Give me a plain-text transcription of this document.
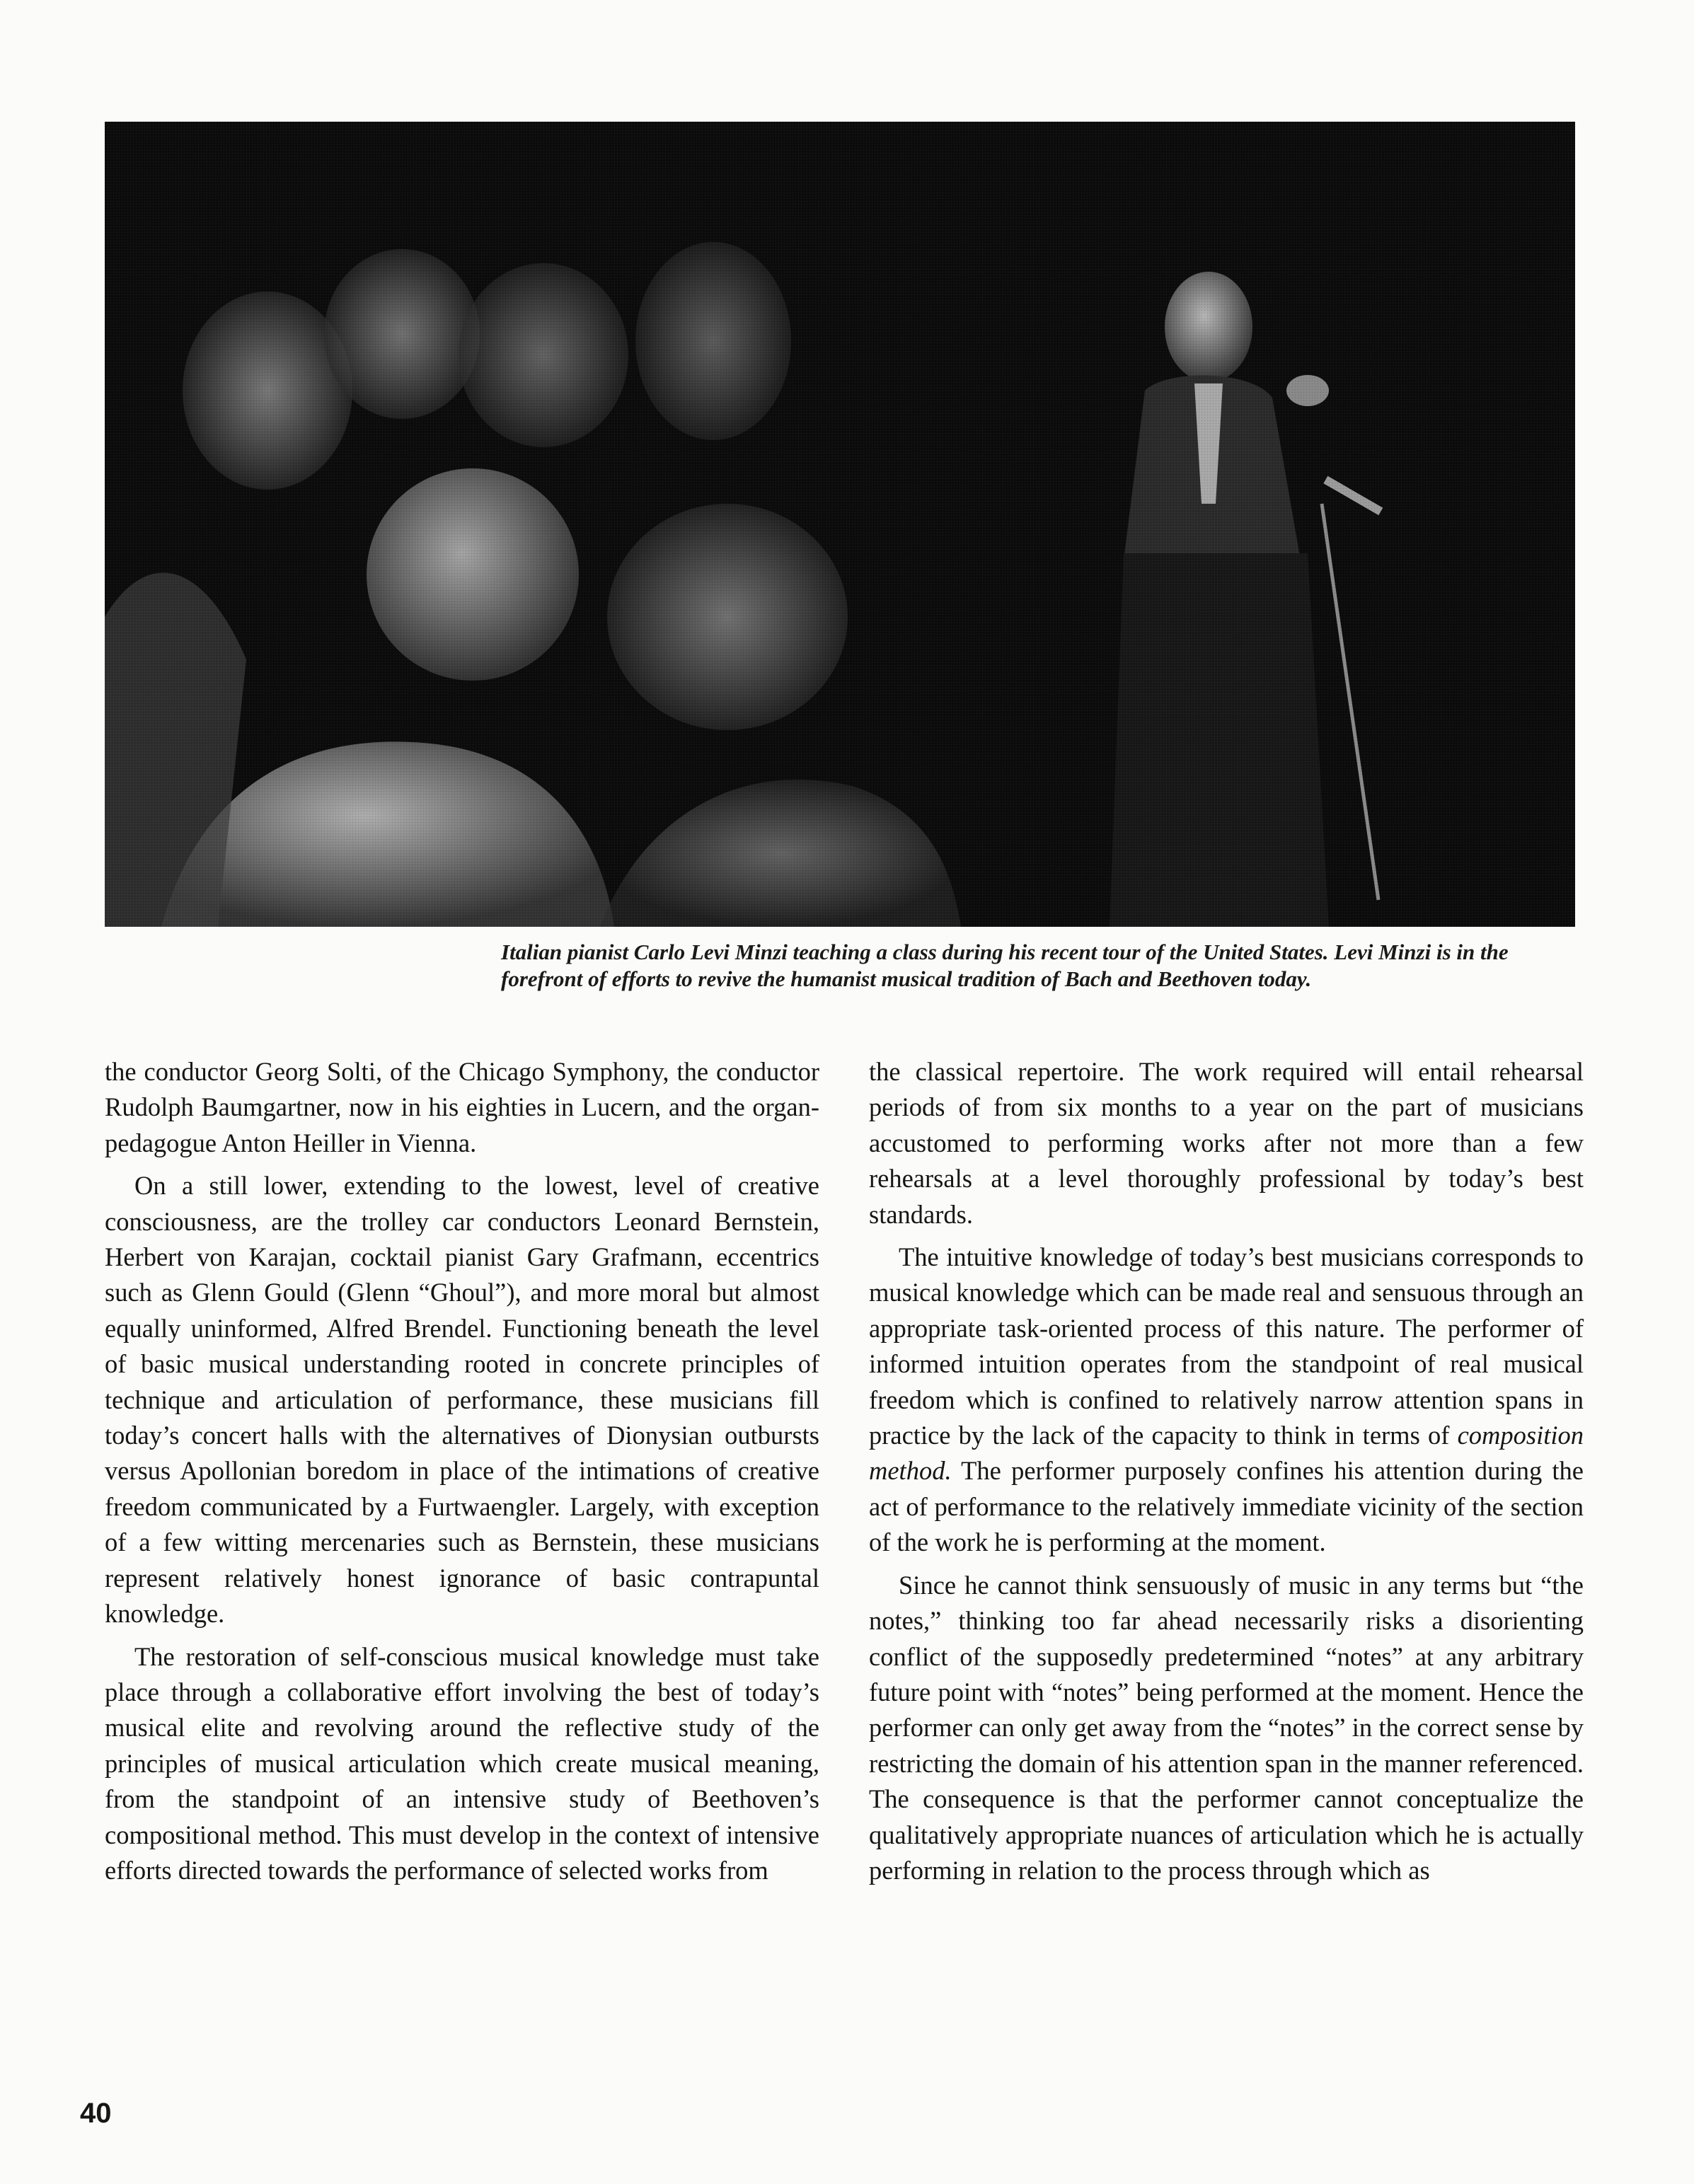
Italian pianist Carlo Levi Minzi teaching a class during his recent tour of the United States. Levi Minzi is in the forefront of efforts to revive the humanist musical tradition of Bach and Beethoven today.

the conductor Georg Solti, of the Chicago Symphony, the conductor Rudolph Baumgartner, now in his eighties in Lucern, and the organ-pedagogue Anton Heiller in Vienna.

On a still lower, extending to the lowest, level of creative consciousness, are the trolley car conductors Leonard Bernstein, Herbert von Karajan, cocktail pianist Gary Grafmann, eccentrics such as Glenn Gould (Glenn “Ghoul”), and more moral but almost equally uninformed, Alfred Brendel. Functioning beneath the level of basic musical understanding rooted in concrete principles of technique and articulation of performance, these musicians fill today’s concert halls with the alternatives of Dionysian outbursts versus Apollonian boredom in place of the intimations of creative freedom communicated by a Furtwaengler. Largely, with exception of a few witting mercenaries such as Bernstein, these musicians represent relatively honest ignorance of basic contrapuntal knowledge.

The restoration of self-conscious musical knowledge must take place through a collaborative effort involving the best of today’s musical elite and revolving around the reflective study of the principles of musical articulation which create musical meaning, from the standpoint of an intensive study of Beethoven’s compositional method. This must develop in the context of intensive efforts directed towards the performance of selected works from

the classical repertoire. The work required will entail rehearsal periods of from six months to a year on the part of musicians accustomed to performing works after not more than a few rehearsals at a level thoroughly professional by today’s best standards.

The intuitive knowledge of today’s best musicians corresponds to musical knowledge which can be made real and sensuous through an appropriate task-oriented process of this nature. The performer of informed intuition operates from the standpoint of real musical freedom which is confined to relatively narrow attention spans in practice by the lack of the capacity to think in terms of composition method. The performer purposely confines his attention during the act of performance to the relatively immediate vicinity of the section of the work he is performing at the moment.

Since he cannot think sensuously of music in any terms but “the notes,” thinking too far ahead necessarily risks a disorienting conflict of the supposedly predetermined “notes” at any arbitrary future point with “notes” being performed at the moment. Hence the performer can only get away from the “notes” in the correct sense by restricting the domain of his attention span in the manner referenced. The consequence is that the performer cannot conceptualize the qualitatively appropriate nuances of articulation which he is actually performing in relation to the process through which as

40
